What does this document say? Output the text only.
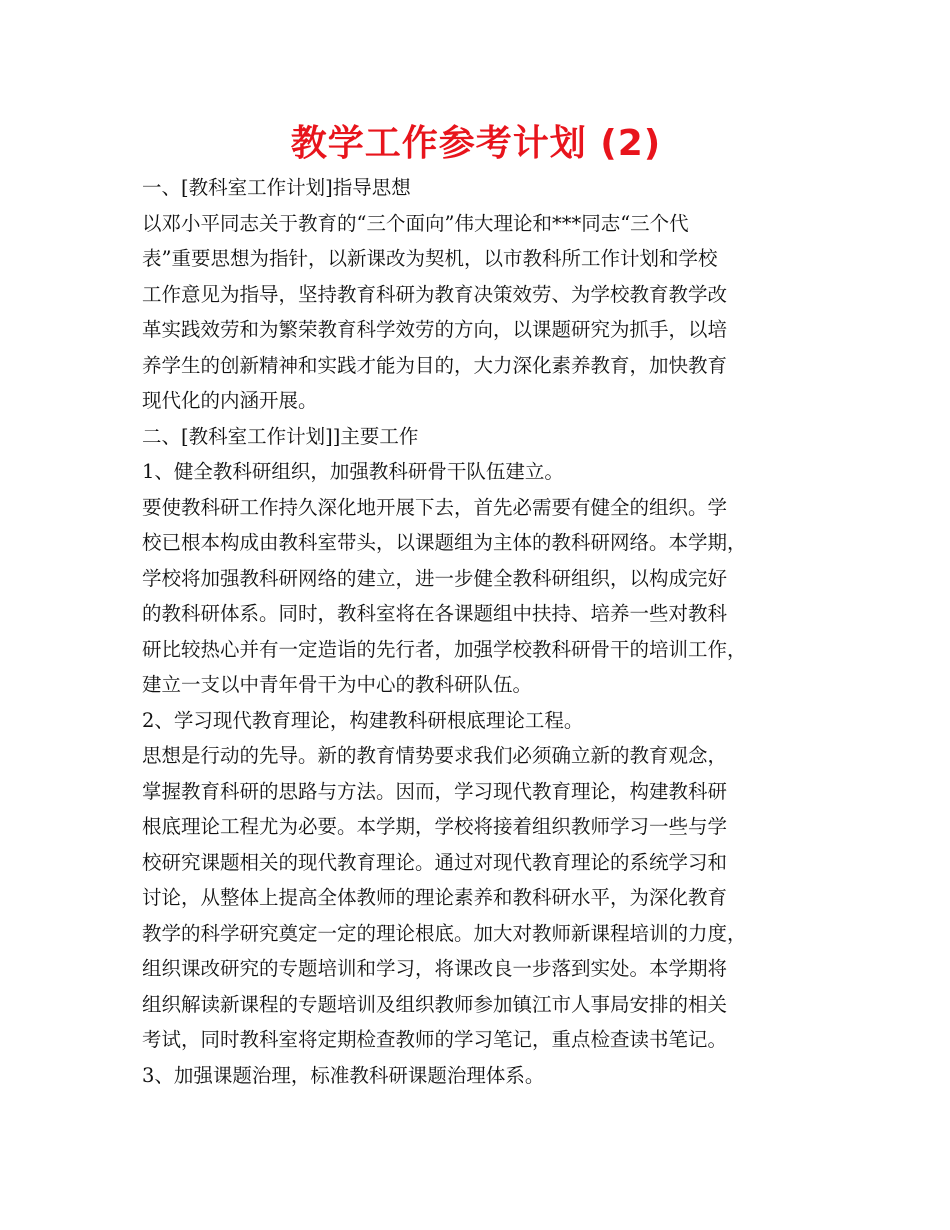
教学工作参考计划 (2)
一、[教科室工作计划]指导思想
以邓小平同志关于教育的“三个面向”伟大理论和***同志“三个代
表”重要思想为指针，以新课改为契机，以市教科所工作计划和学校
工作意见为指导，坚持教育科研为教育决策效劳、为学校教育教学改
革实践效劳和为繁荣教育科学效劳的方向，以课题研究为抓手，以培
养学生的创新精神和实践才能为目的，大力深化素养教育，加快教育
现代化的内涵开展。
二、[教科室工作计划]]主要工作
1、健全教科研组织，加强教科研骨干队伍建立。
要使教科研工作持久深化地开展下去，首先必需要有健全的组织。学
校已根本构成由教科室带头，以课题组为主体的教科研网络。本学期，
学校将加强教科研网络的建立，进一步健全教科研组织，以构成完好
的教科研体系。同时，教科室将在各课题组中扶持、培养一些对教科
研比较热心并有一定造诣的先行者，加强学校教科研骨干的培训工作，
建立一支以中青年骨干为中心的教科研队伍。
2、学习现代教育理论，构建教科研根底理论工程。
思想是行动的先导。新的教育情势要求我们必须确立新的教育观念，
掌握教育科研的思路与方法。因而，学习现代教育理论，构建教科研
根底理论工程尤为必要。本学期，学校将接着组织教师学习一些与学
校研究课题相关的现代教育理论。通过对现代教育理论的系统学习和
讨论，从整体上提高全体教师的理论素养和教科研水平，为深化教育
教学的科学研究奠定一定的理论根底。加大对教师新课程培训的力度，
组织课改研究的专题培训和学习，将课改良一步落到实处。本学期将
组织解读新课程的专题培训及组织教师参加镇江市人事局安排的相关
考试，同时教科室将定期检查教师的学习笔记，重点检查读书笔记。
3、加强课题治理，标准教科研课题治理体系。
